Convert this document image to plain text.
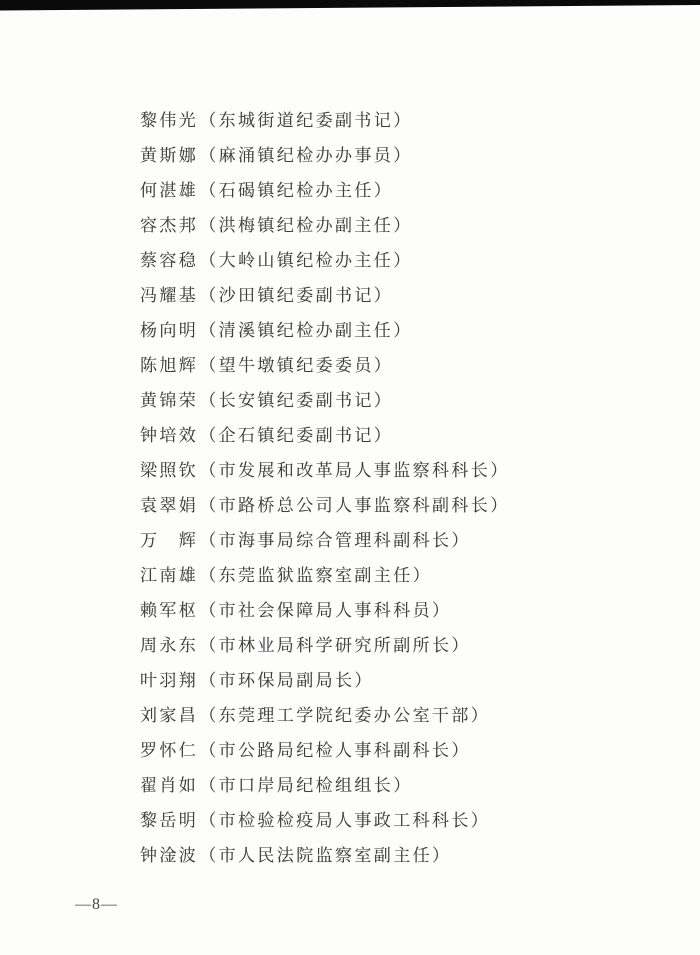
黎伟光（东城街道纪委副书记）
黄斯娜（麻涌镇纪检办办事员）
何湛雄（石碣镇纪检办主任）
容杰邦（洪梅镇纪检办副主任）
蔡容稳（大岭山镇纪检办主任）
冯耀基（沙田镇纪委副书记）
杨向明（清溪镇纪检办副主任）
陈旭辉（望牛墩镇纪委委员）
黄锦荣（长安镇纪委副书记）
钟培效（企石镇纪委副书记）
梁照钦（市发展和改革局人事监察科科长）
袁翠娟（市路桥总公司人事监察科副科长）
万　辉（市海事局综合管理科副科长）
江南雄（东莞监狱监察室副主任）
赖军枢（市社会保障局人事科科员）
周永东（市林业局科学研究所副所长）
叶羽翔（市环保局副局长）
刘家昌（东莞理工学院纪委办公室干部）
罗怀仁（市公路局纪检人事科副科长）
翟肖如（市口岸局纪检组组长）
黎岳明（市检验检疫局人事政工科科长）
钟淦波（市人民法院监察室副主任）
—8—
